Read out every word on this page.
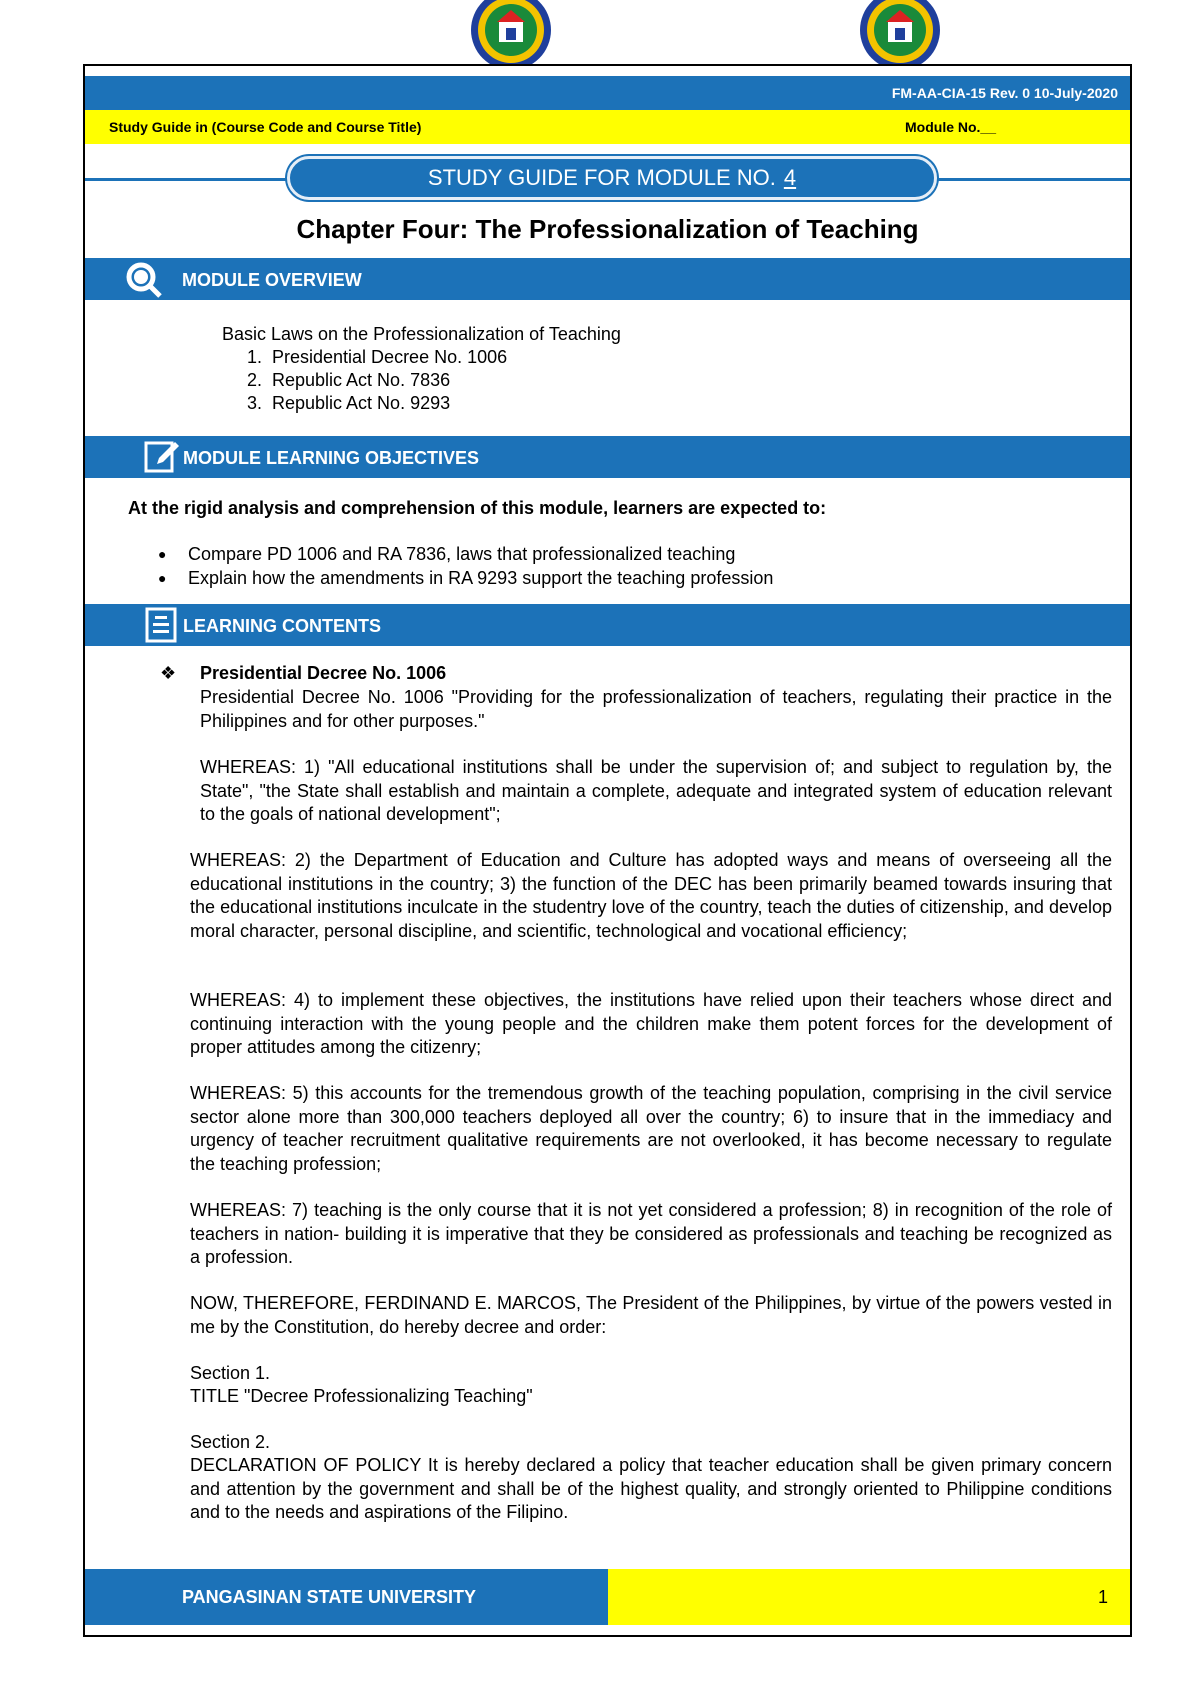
FM-AA-CIA-15 Rev. 0 10-July-2020
Study Guide in (Course Code and Course Title)	Module No.__
STUDY GUIDE FOR MODULE NO. 4
Chapter Four: The Professionalization of Teaching
MODULE OVERVIEW
Basic Laws on the Professionalization of Teaching
1. Presidential Decree No. 1006
2. Republic Act No. 7836
3. Republic Act No. 9293
MODULE LEARNING OBJECTIVES
At the rigid analysis and comprehension of this module, learners are expected to:
●	Compare PD 1006 and RA 7836, laws that professionalized teaching
●	Explain how the amendments in RA 9293 support the teaching profession
LEARNING CONTENTS
❖ Presidential Decree No. 1006
Presidential Decree No. 1006 "Providing for the professionalization of teachers, regulating their practice in the Philippines and for other purposes."
WHEREAS: 1) "All educational institutions shall be under the supervision of; and subject to regulation by, the State", "the State shall establish and maintain a complete, adequate and integrated system of education relevant to the goals of national development";
WHEREAS: 2) the Department of Education and Culture has adopted ways and means of overseeing all the educational institutions in the country; 3) the function of the DEC has been primarily beamed towards insuring that the educational institutions inculcate in the studentry love of the country, teach the duties of citizenship, and develop moral character, personal discipline, and scientific, technological and vocational efficiency;
WHEREAS: 4) to implement these objectives, the institutions have relied upon their teachers whose direct and continuing interaction with the young people and the children make them potent forces for the development of proper attitudes among the citizenry;
WHEREAS: 5) this accounts for the tremendous growth of the teaching population, comprising in the civil service sector alone more than 300,000 teachers deployed all over the country; 6) to insure that in the immediacy and urgency of teacher recruitment qualitative requirements are not overlooked, it has become necessary to regulate the teaching profession;
WHEREAS: 7) teaching is the only course that it is not yet considered a profession; 8) in recognition of the role of teachers in nation- building it is imperative that they be considered as professionals and teaching be recognized as a profession.
NOW, THEREFORE, FERDINAND E. MARCOS, The President of the Philippines, by virtue of the powers vested in me by the Constitution, do hereby decree and order:
Section 1.
TITLE "Decree Professionalizing Teaching"
Section 2.
DECLARATION OF POLICY It is hereby declared a policy that teacher education shall be given primary concern and attention by the government and shall be of the highest quality, and strongly oriented to Philippine conditions and to the needs and aspirations of the Filipino.
PANGASINAN STATE UNIVERSITY	1
